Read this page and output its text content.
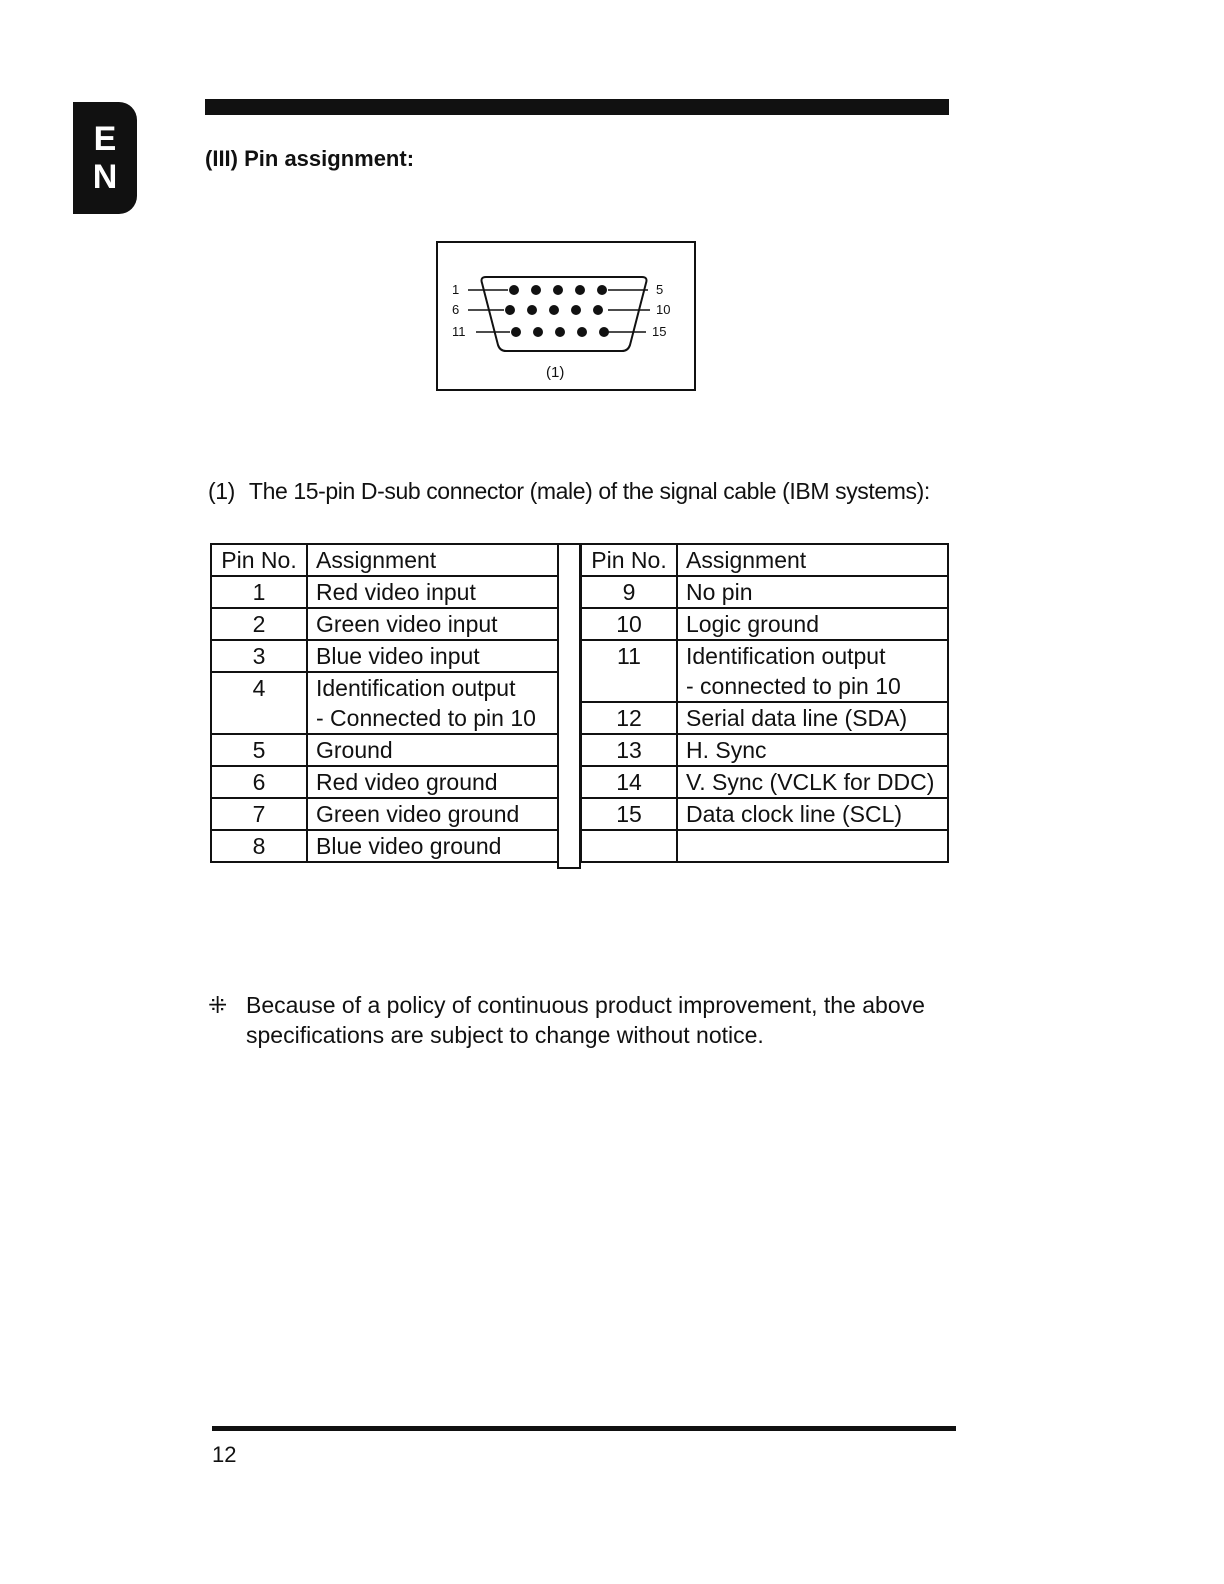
E
N	(III) Pin assignment:
1
6
11
5
10
15
(1)
(1) The 15-pin D-sub connector (male) of the signal cable (IBM systems):
Pin No.	Assignment
1	Red video input
2	Green video input
3	Blue video input
4	Identification output
	- Connected to pin 10
5	Ground
6	Red video ground
7	Green video ground
8	Blue video ground
Pin No.	Assignment
9	No pin
10	Logic ground
11	Identification output
	- connected to pin 10
12	Serial data line (SDA)
13	H. Sync
14	V. Sync (VCLK for DDC)
15	Data clock line (SCL)

⁜ Because of a policy of continuous product improvement, the above specifications are subject to change without notice.
12
